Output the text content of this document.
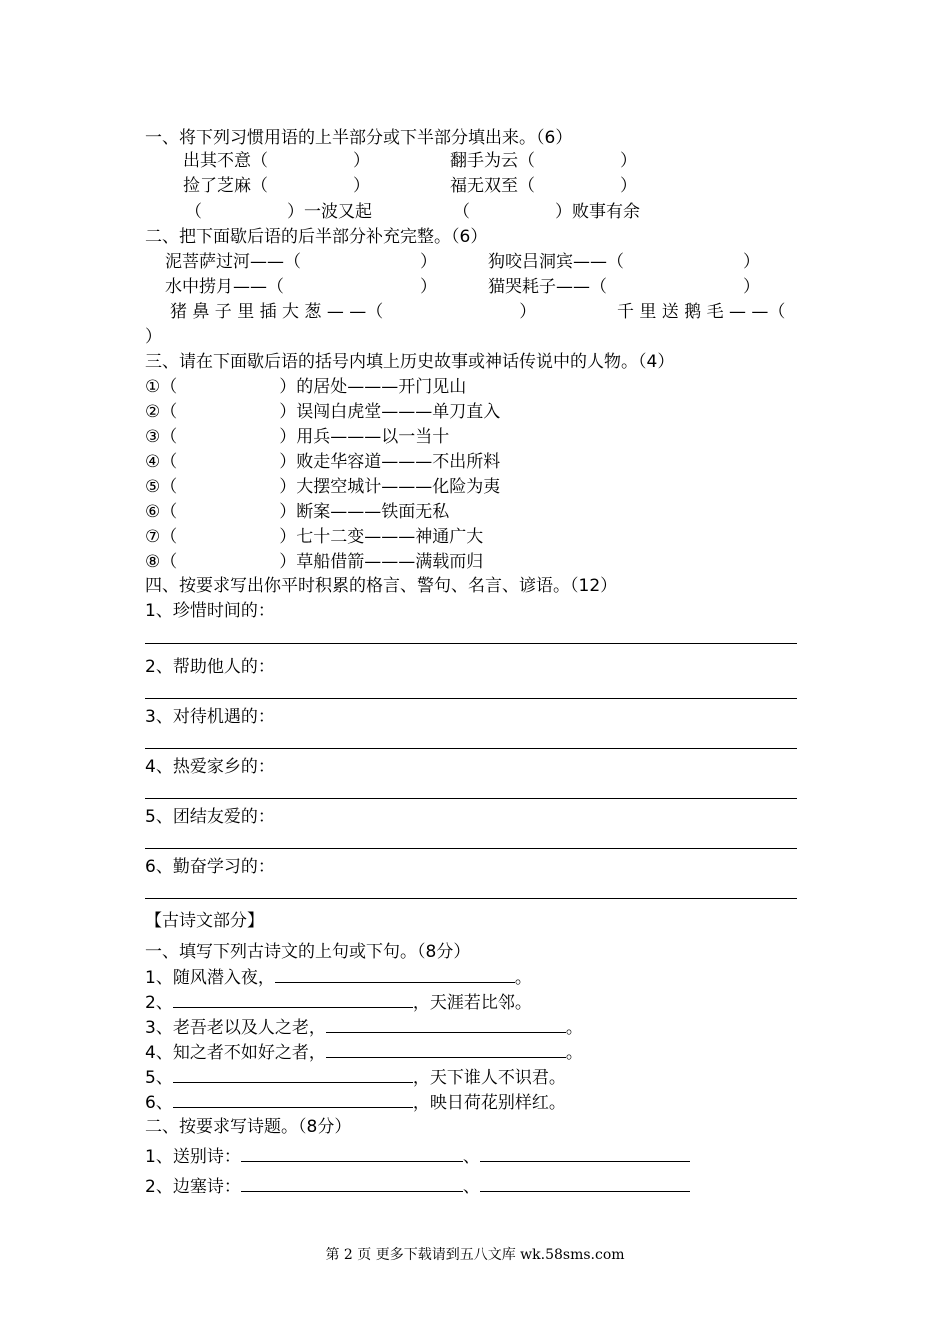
一、将下列习惯用语的上半部分或下半部分填出来。（6）
出其不意（　　　　　）	翻手为云（　　　　　）
捡了芝麻（　　　　　）	福无双至（　　　　　）
（　　　　　）一波又起	（　　　　　）败事有余
二、把下面歇后语的后半部分补充完整。（6）
泥菩萨过河——（　　　　　　　）	狗咬吕洞宾——（　　　　　　　）
水中捞月——（　　　　　　　　）	猫哭耗子——（　　　　　　　　）
猪 鼻 子 里 插 大 葱 — —（　　　　　　　　）	千 里 送 鹅 毛 — —（
）
三、请在下面歇后语的括号内填上历史故事或神话传说中的人物。（4）
①（　　　　　　）的居处———开门见山
②（　　　　　　）误闯白虎堂———单刀直入
③（　　　　　　）用兵———以一当十
④（　　　　　　）败走华容道———不出所料
⑤（　　　　　　）大摆空城计———化险为夷
⑥（　　　　　　）断案———铁面无私
⑦（　　　　　　）七十二变———神通广大
⑧（　　　　　　）草船借箭———满载而归
四、按要求写出你平时积累的格言、警句、名言、谚语。（12）
1、珍惜时间的：
2、帮助他人的：
3、对待机遇的：
4、热爱家乡的：
5、团结友爱的：
6、勤奋学习的：
【古诗文部分】
一、填写下列古诗文的上句或下句。（8分）
1、随风潜入夜，	。
2、	，天涯若比邻。
3、老吾老以及人之老，	。
4、知之者不如好之者，	。
5、	，天下谁人不识君。
6、	，映日荷花别样红。
二、按要求写诗题。（8分）
1、送别诗：	、
2、边塞诗：	、
第 2 页 更多下载请到五八文库 wk.58sms.com
